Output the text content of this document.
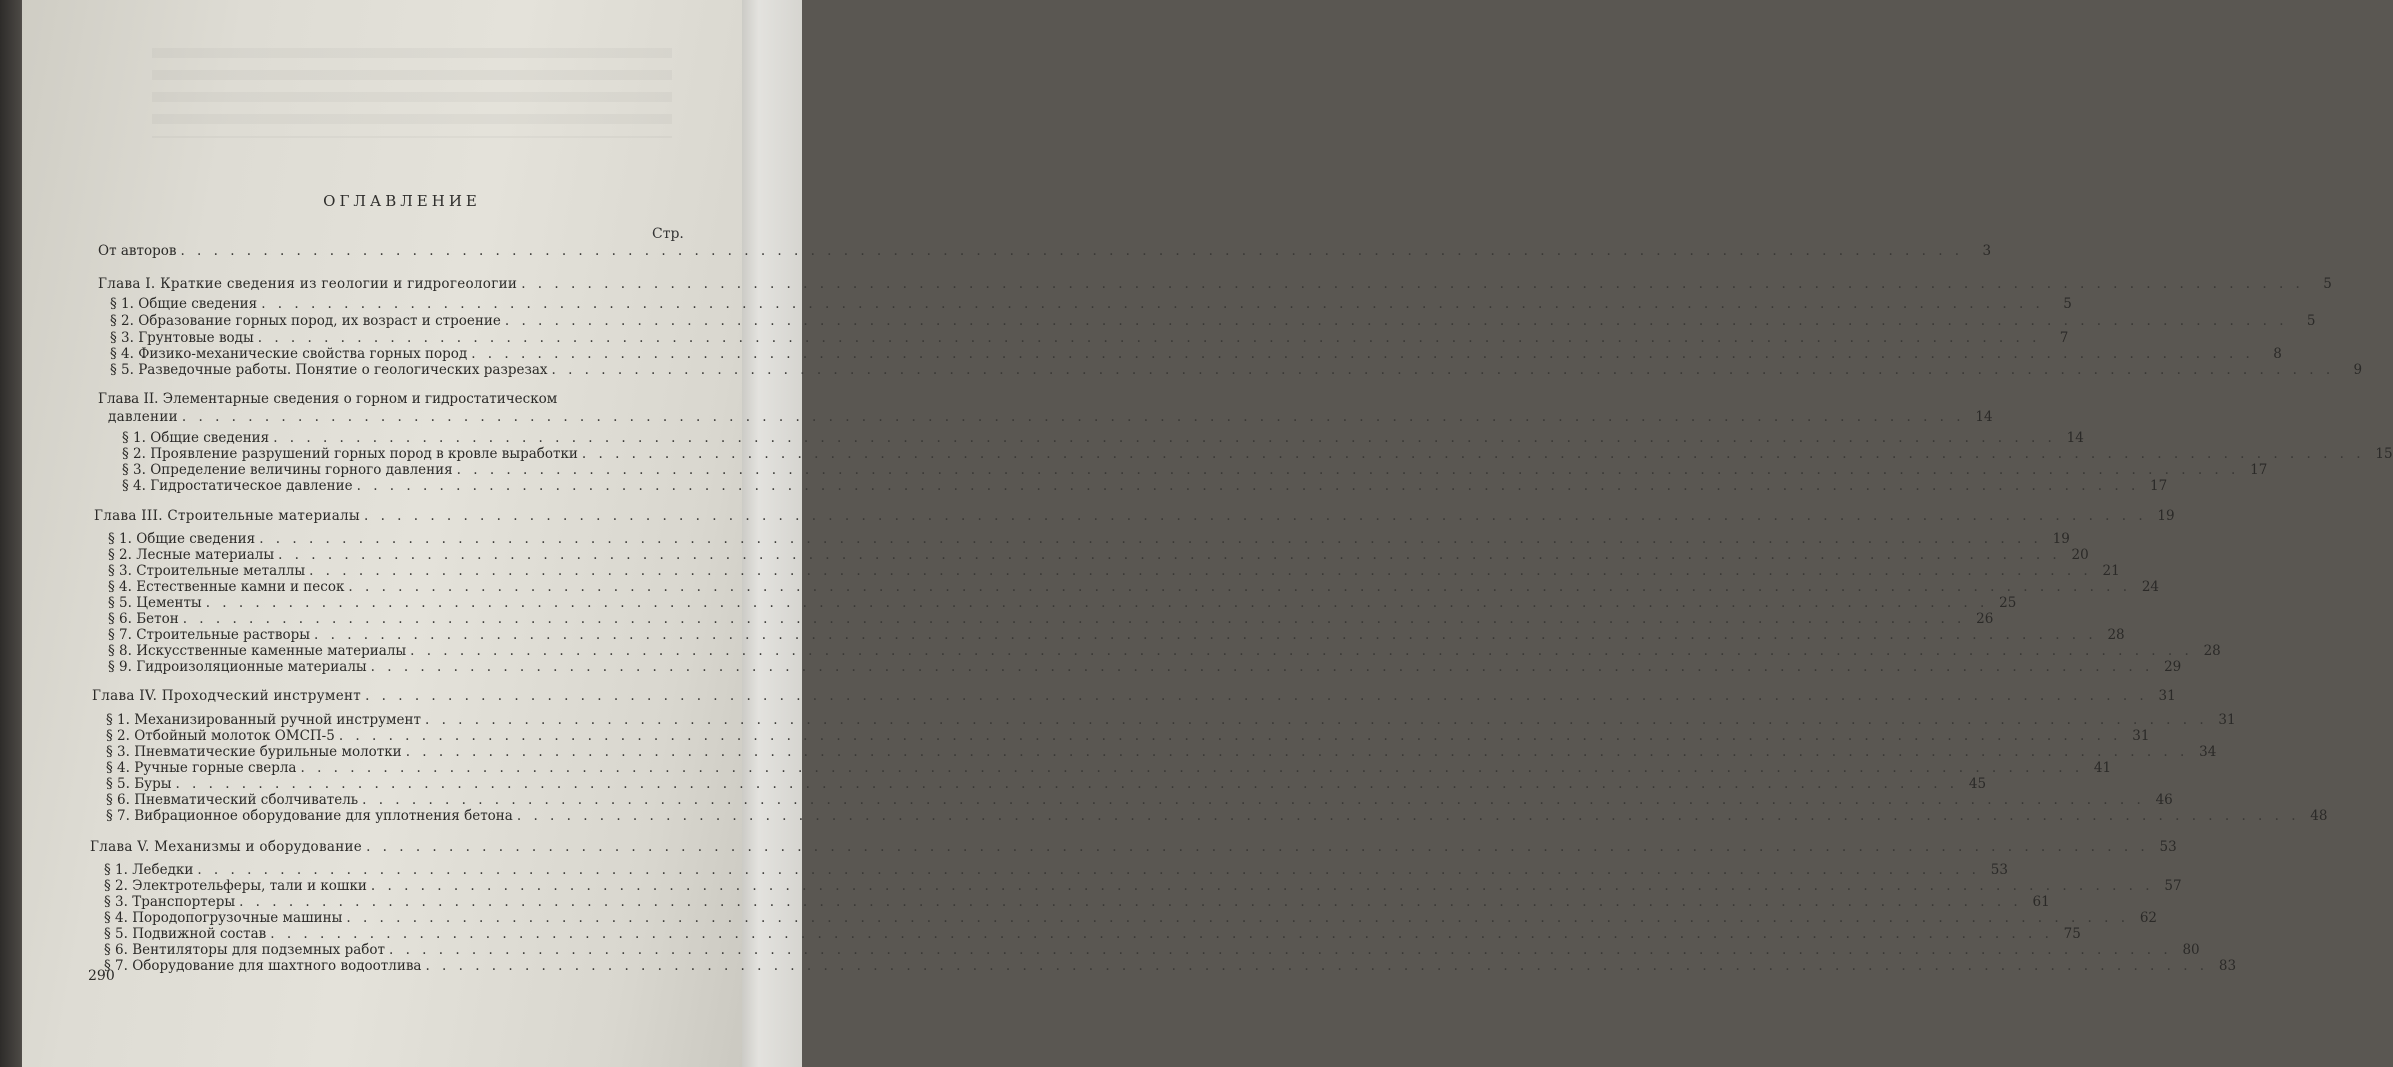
ОГЛАВЛЕНИЕ
Стр.
От авторов . . .	3
Глава I. Краткие сведения из геологии и гидрогеологии . . .	5
§ 1. Общие сведения . . .	5
§ 2. Образование горных пород, их возраст и строение . . .	5
§ 3. Грунтовые воды . . .	7
§ 4. Физико-механические свойства горных пород . . .	8
§ 5. Разведочные работы. Понятие о геологических разрезах . . .	9
Глава II. Элементарные сведения о горном и гидростатическом
давлении . . .	14
§ 1. Общие сведения . . .	14
§ 2. Проявление разрушений горных пород в кровле выработки . . .	15
§ 3. Определение величины горного давления . . .	17
§ 4. Гидростатическое давление . . .	17
Глава III. Строительные материалы . . .	19
§ 1. Общие сведения . . .	19
§ 2. Лесные материалы . . .	20
§ 3. Строительные металлы . . .	21
§ 4. Естественные камни и песок . . .	24
§ 5. Цементы . . .	25
§ 6. Бетон . . .	26
§ 7. Строительные растворы . . .	28
§ 8. Искусственные каменные материалы . . .	28
§ 9. Гидроизоляционные материалы . . .	29
Глава IV. Проходческий инструмент . . .	31
§ 1. Механизированный ручной инструмент . . .	31
§ 2. Отбойный молоток ОМСП-5 . . .	31
§ 3. Пневматические бурильные молотки . . .	34
§ 4. Ручные горные сверла . . .	41
§ 5. Буры . . .	45
§ 6. Пневматический сболчиватель . . .	46
§ 7. Вибрационное оборудование для уплотнения бетона . . .	48
Глава V. Механизмы и оборудование . . .	53
§ 1. Лебедки . . .	53
§ 2. Электротельферы, тали и кошки . . .	57
§ 3. Транспортеры . . .	61
§ 4. Породопогрузочные машины . . .	62
§ 5. Подвижной состав . . .	75
§ 6. Вентиляторы для подземных работ . . .	80
§ 7. Оборудование для шахтного водоотлива . . .	83
290
